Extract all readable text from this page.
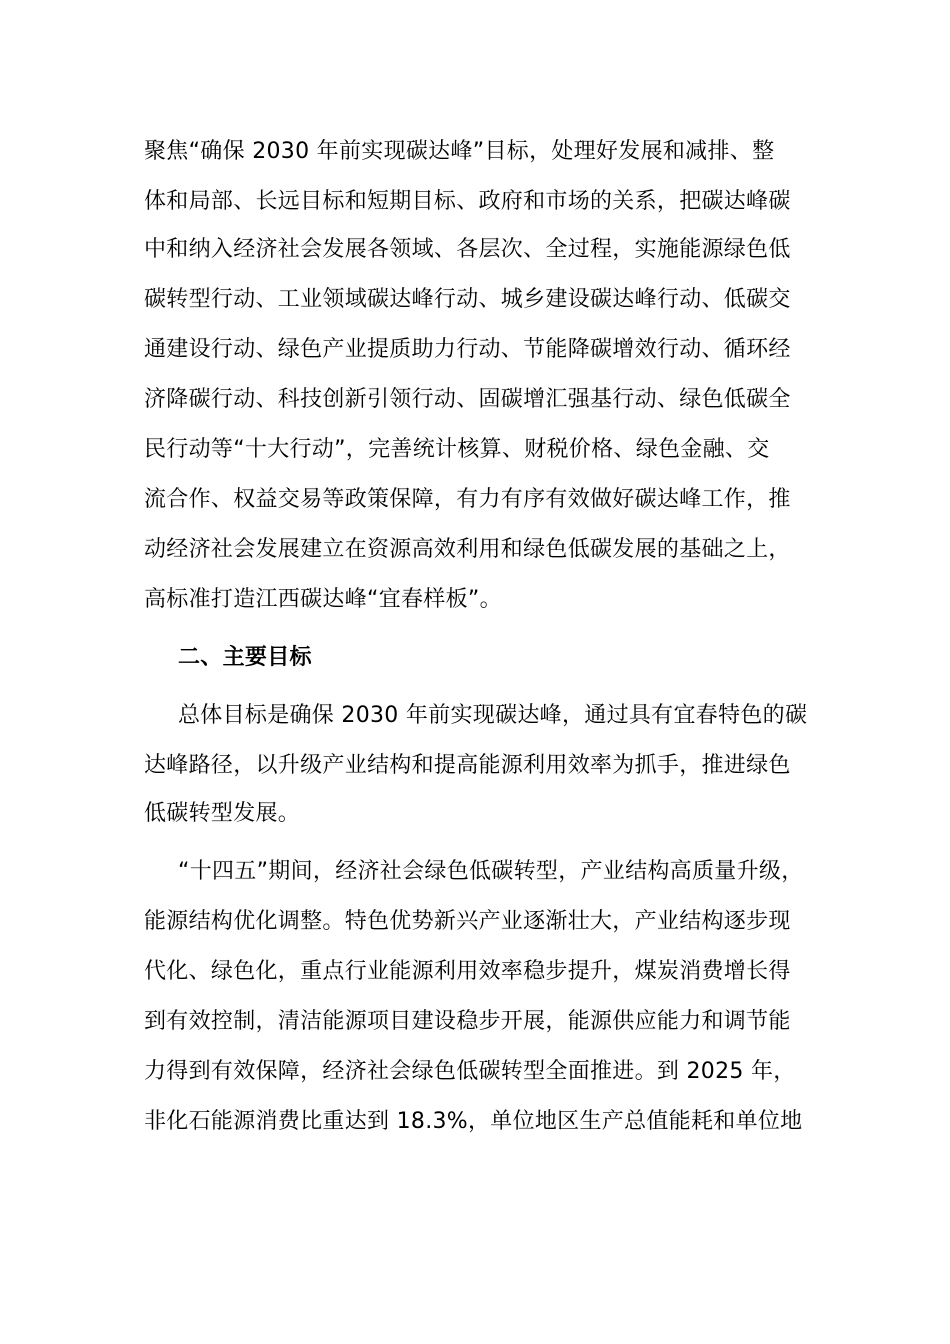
聚焦“确保 2030 年前实现碳达峰”目标，处理好发展和减排、整
体和局部、长远目标和短期目标、政府和市场的关系，把碳达峰碳
中和纳入经济社会发展各领域、各层次、全过程，实施能源绿色低
碳转型行动、工业领域碳达峰行动、城乡建设碳达峰行动、低碳交
通建设行动、绿色产业提质助力行动、节能降碳增效行动、循环经
济降碳行动、科技创新引领行动、固碳增汇强基行动、绿色低碳全
民行动等“十大行动”，完善统计核算、财税价格、绿色金融、交
流合作、权益交易等政策保障，有力有序有效做好碳达峰工作，推
动经济社会发展建立在资源高效利用和绿色低碳发展的基础之上，
高标准打造江西碳达峰“宜春样板”。
二、主要目标
总体目标是确保 2030 年前实现碳达峰，通过具有宜春特色的碳
达峰路径，以升级产业结构和提高能源利用效率为抓手，推进绿色
低碳转型发展。
“十四五”期间，经济社会绿色低碳转型，产业结构高质量升级，
能源结构优化调整。特色优势新兴产业逐渐壮大，产业结构逐步现
代化、绿色化，重点行业能源利用效率稳步提升，煤炭消费增长得
到有效控制，清洁能源项目建设稳步开展，能源供应能力和调节能
力得到有效保障，经济社会绿色低碳转型全面推进。到 2025 年，
非化石能源消费比重达到 18.3%，单位地区生产总值能耗和单位地
